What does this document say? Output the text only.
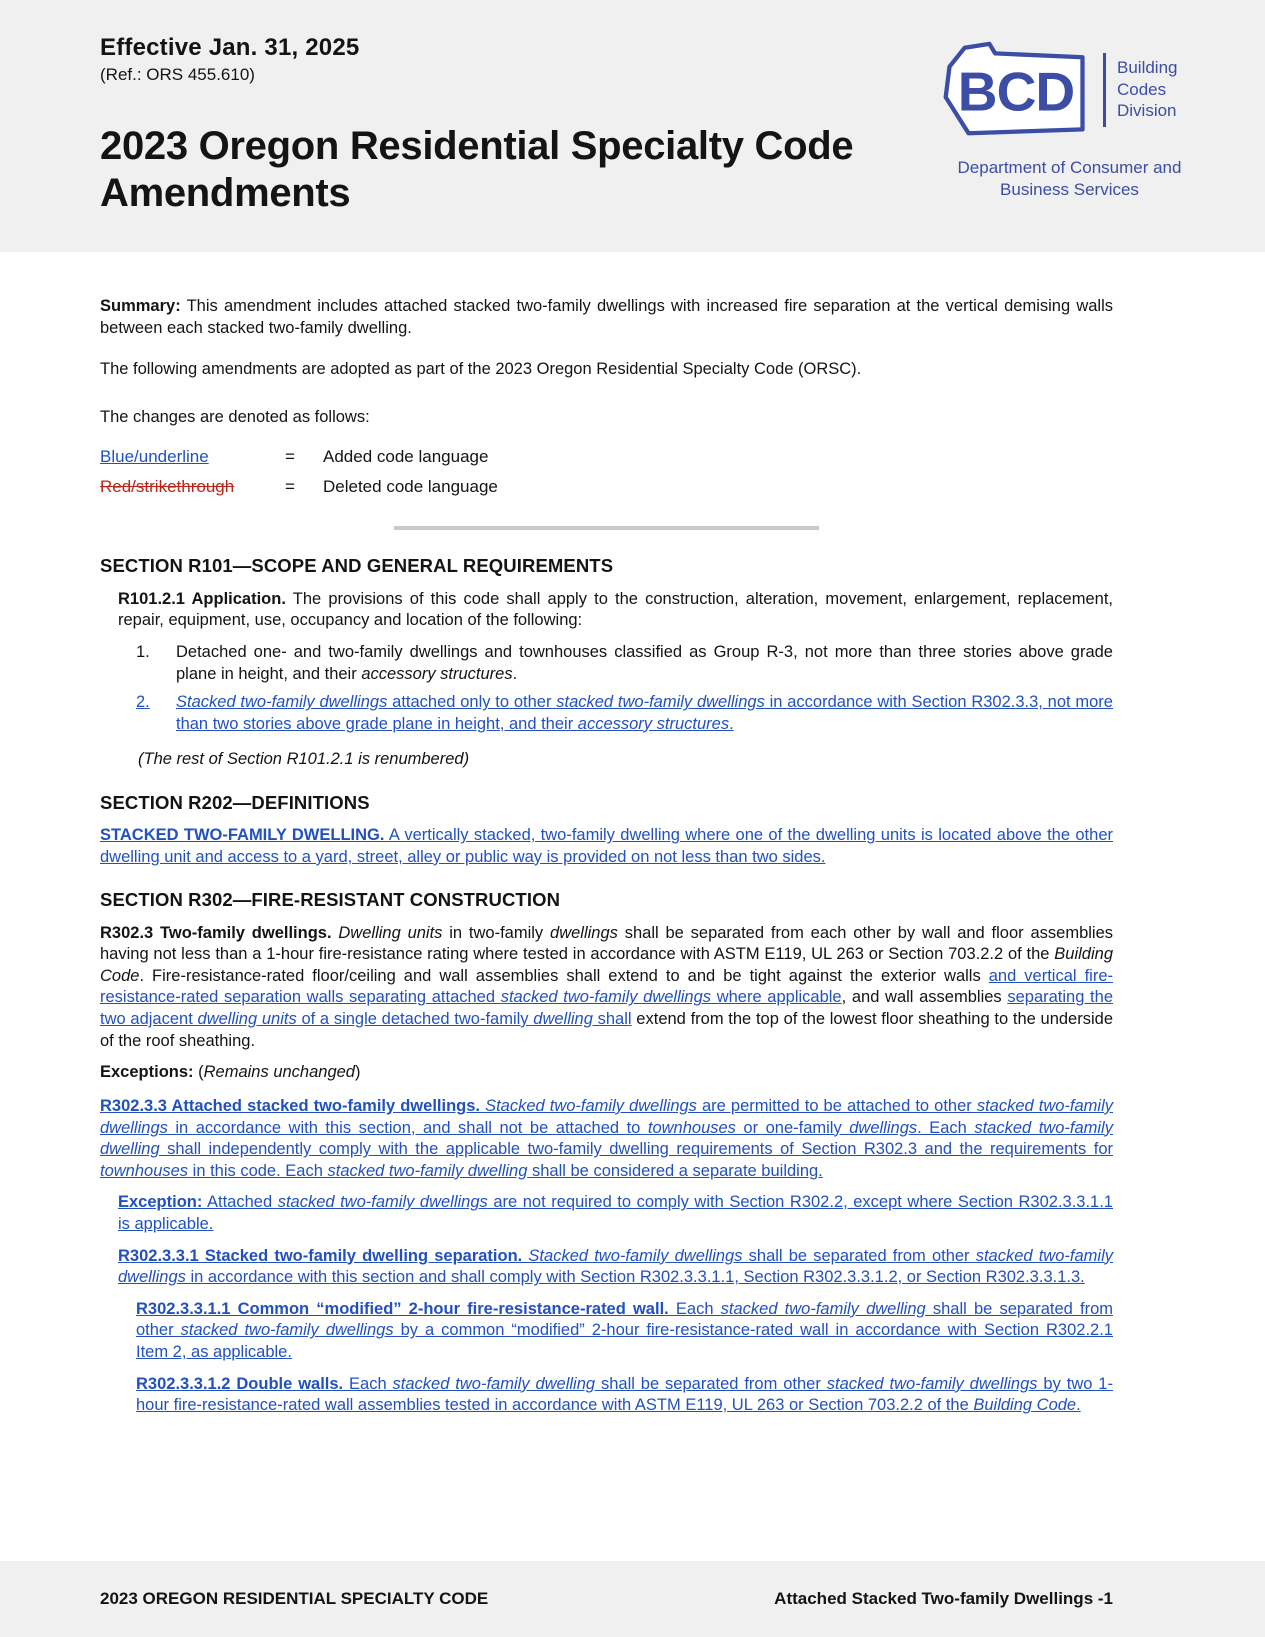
Effective Jan. 31, 2025
(Ref.: ORS 455.610)
2023 Oregon Residential Specialty Code Amendments
BCD	Building Codes Division
Department of Consumer and Business Services

Summary: This amendment includes attached stacked two-family dwellings with increased fire separation at the vertical demising walls between each stacked two-family dwelling.

The following amendments are adopted as part of the 2023 Oregon Residential Specialty Code (ORSC).

The changes are denoted as follows:

Blue/underline	=	Added code language
Red/strikethrough	=	Deleted code language
SECTION R101—SCOPE AND GENERAL REQUIREMENTS

R101.2.1 Application. The provisions of this code shall apply to the construction, alteration, movement, enlargement, replacement, repair, equipment, use, occupancy and location of the following:

1.	Detached one- and two-family dwellings and townhouses classified as Group R-3, not more than three stories above grade plane in height, and their accessory structures.
2.	Stacked two-family dwellings attached only to other stacked two-family dwellings in accordance with Section R302.3.3, not more than two stories above grade plane in height, and their accessory structures.

(The rest of Section R101.2.1 is renumbered)

SECTION R202—DEFINITIONS

STACKED TWO-FAMILY DWELLING. A vertically stacked, two-family dwelling where one of the dwelling units is located above the other dwelling unit and access to a yard, street, alley or public way is provided on not less than two sides.

SECTION R302—FIRE-RESISTANT CONSTRUCTION

R302.3 Two-family dwellings. Dwelling units in two-family dwellings shall be separated from each other by wall and floor assemblies having not less than a 1-hour fire-resistance rating where tested in accordance with ASTM E119, UL 263 or Section 703.2.2 of the Building Code. Fire-resistance-rated floor/ceiling and wall assemblies shall extend to and be tight against the exterior walls and vertical fire-resistance-rated separation walls separating attached stacked two-family dwellings where applicable, and wall assemblies separating the two adjacent dwelling units of a single detached two-family dwelling shall extend from the top of the lowest floor sheathing to the underside of the roof sheathing.

Exceptions: (Remains unchanged)

R302.3.3 Attached stacked two-family dwellings. Stacked two-family dwellings are permitted to be attached to other stacked two-family dwellings in accordance with this section, and shall not be attached to townhouses or one-family dwellings. Each stacked two-family dwelling shall independently comply with the applicable two-family dwelling requirements of Section R302.3 and the requirements for townhouses in this code. Each stacked two-family dwelling shall be considered a separate building.

Exception: Attached stacked two-family dwellings are not required to comply with Section R302.2, except where Section R302.3.3.1.1 is applicable.

R302.3.3.1 Stacked two-family dwelling separation. Stacked two-family dwellings shall be separated from other stacked two-family dwellings in accordance with this section and shall comply with Section R302.3.3.1.1, Section R302.3.3.1.2, or Section R302.3.3.1.3.

R302.3.3.1.1 Common “modified” 2-hour fire-resistance-rated wall. Each stacked two-family dwelling shall be separated from other stacked two-family dwellings by a common “modified” 2-hour fire-resistance-rated wall in accordance with Section R302.2.1 Item 2, as applicable.

R302.3.3.1.2 Double walls. Each stacked two-family dwelling shall be separated from other stacked two-family dwellings by two 1-hour fire-resistance-rated wall assemblies tested in accordance with ASTM E119, UL 263 or Section 703.2.2 of the Building Code.

2023 OREGON RESIDENTIAL SPECIALTY CODE	Attached Stacked Two-family Dwellings -1
